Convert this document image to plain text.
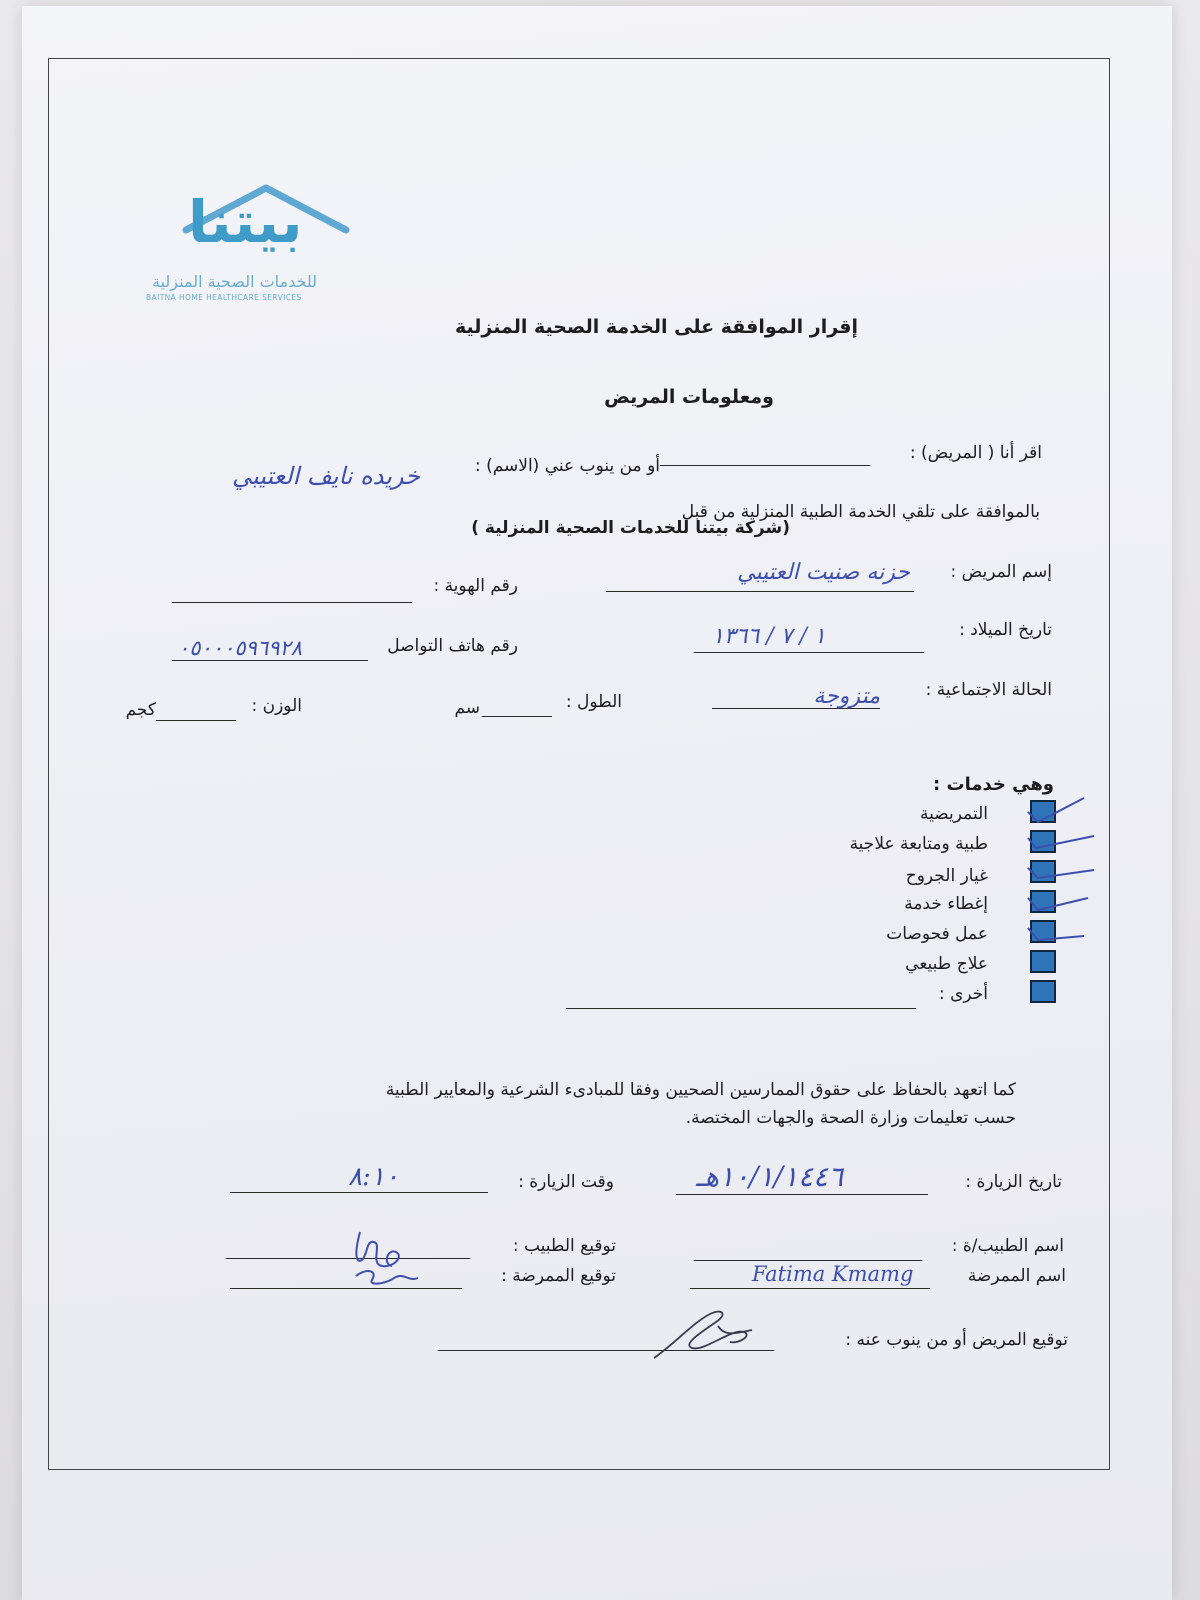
بيتنا
للخدمات الصحية المنزلية
BAITNA HOME HEALTHCARE SERVICES
إقرار الموافقة على الخدمة الصحية المنزلية
ومعلومات المريض
اقر أنا ( المريض) :
أو من ينوب عني (الاسم) :
خريده نايف العتيبي
بالموافقة على تلقي الخدمة الطبية المنزلية من قبل
(شركة بيتنا للخدمات الصحية المنزلية )
إسم المريض :
حزنه صنيت العتيبي
رقم الهوية :
تاريخ الميلاد :
١ / ٧ / ١٣٦٦
رقم هاتف التواصل
٠٥٠٠٠٥٩٦٩٢٨
الحالة الاجتماعية :
متزوجة
الطول :
سم
الوزن :
كجم
وهي خدمات :
التمريضية
طبية ومتابعة علاجية
غيار الجروح
إغطاء خدمة
عمل فحوصات
علاج طبيعي
أخرى :
كما اتعهد بالحفاظ على حقوق الممارسين الصحيين وفقا للمبادىء الشرعية والمعايير الطبية
حسب تعليمات وزارة الصحة والجهات المختصة.
تاريخ الزيارة :
١٠/١/١٤٤٦هـ
وقت الزيارة :
٨:١٠
اسم الطبيب/ة :
توقيع الطبيب :
اسم الممرضة
Fatima Kmamg
توقيع الممرضة :
توقيع المريض أو من ينوب عنه :
